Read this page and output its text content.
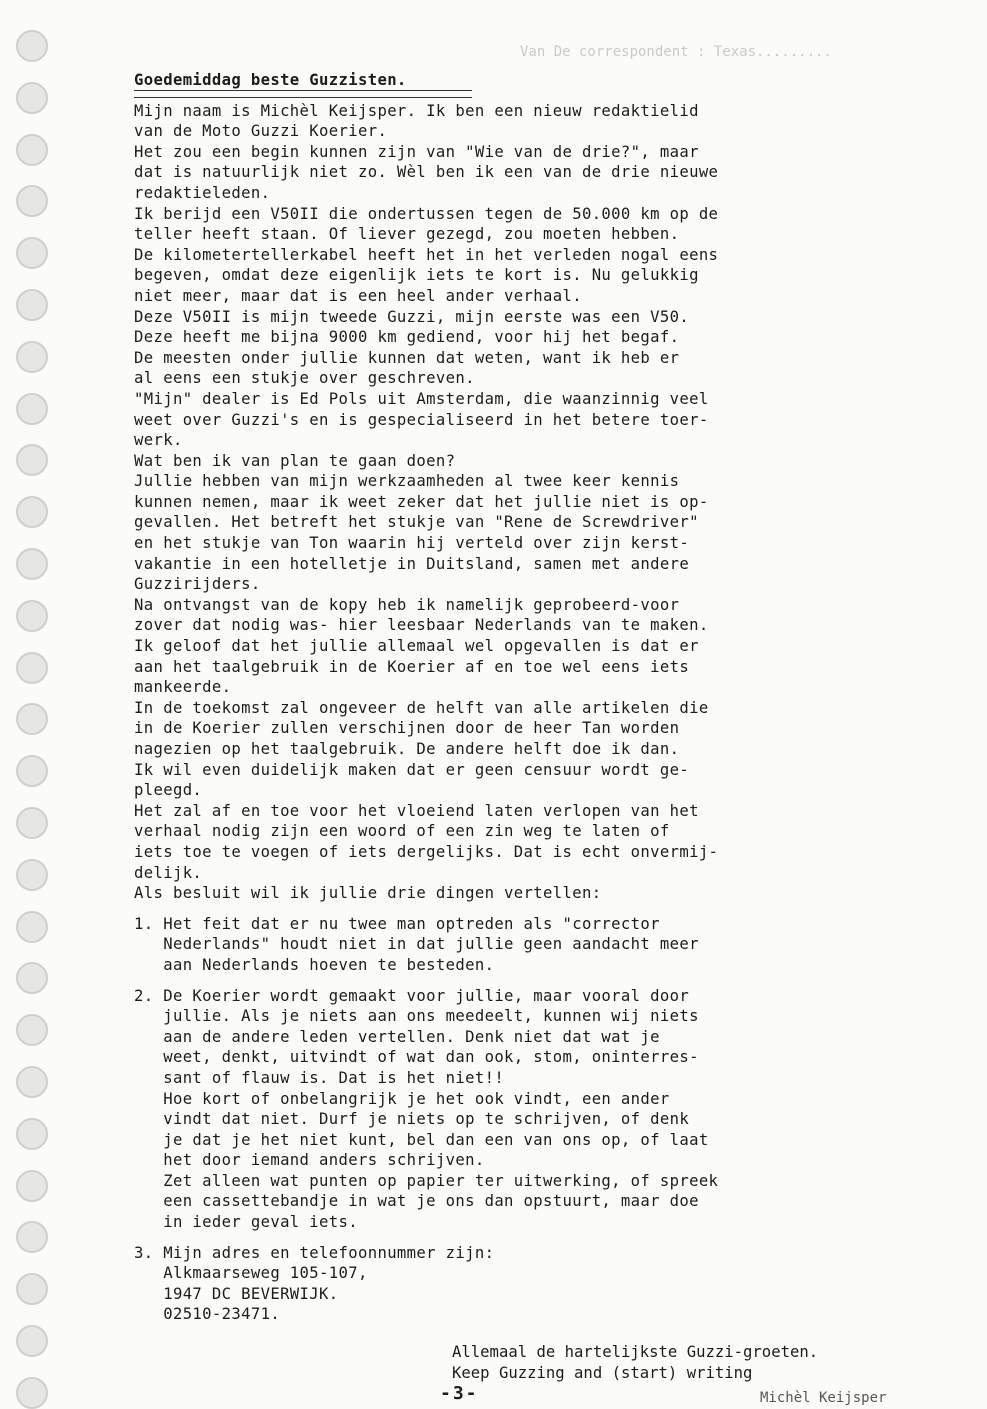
Van De correspondent : Texas.........
Goedemiddag beste Guzzisten.
Mijn naam is Michèl Keijsper. Ik ben een nieuw redaktielid
van de Moto Guzzi Koerier.
Het zou een begin kunnen zijn van "Wie van de drie?", maar
dat is natuurlijk niet zo. Wèl ben ik een van de drie nieuwe
redaktieleden.
Ik berijd een V50II die ondertussen tegen de 50.000 km op de
teller heeft staan. Of liever gezegd, zou moeten hebben.
De kilometertellerkabel heeft het in het verleden nogal eens
begeven, omdat deze eigenlijk iets te kort is. Nu gelukkig
niet meer, maar dat is een heel ander verhaal.
Deze V50II is mijn tweede Guzzi, mijn eerste was een V50.
Deze heeft me bijna 9000 km gediend, voor hij het begaf.
De meesten onder jullie kunnen dat weten, want ik heb er
al eens een stukje over geschreven.
"Mijn" dealer is Ed Pols uit Amsterdam, die waanzinnig veel
weet over Guzzi's en is gespecialiseerd in het betere toer-
werk.
Wat ben ik van plan te gaan doen?
Jullie hebben van mijn werkzaamheden al twee keer kennis
kunnen nemen, maar ik weet zeker dat het jullie niet is op-
gevallen. Het betreft het stukje van "Rene de Screwdriver"
en het stukje van Ton waarin hij verteld over zijn kerst-
vakantie in een hotelletje in Duitsland, samen met andere
Guzzirijders.
Na ontvangst van de kopy heb ik namelijk geprobeerd-voor
zover dat nodig was- hier leesbaar Nederlands van te maken.
Ik geloof dat het jullie allemaal wel opgevallen is dat er
aan het taalgebruik in de Koerier af en toe wel eens iets
mankeerde.
In de toekomst zal ongeveer de helft van alle artikelen die
in de Koerier zullen verschijnen door de heer Tan worden
nagezien op het taalgebruik. De andere helft doe ik dan.
Ik wil even duidelijk maken dat er geen censuur wordt ge-
pleegd.
Het zal af en toe voor het vloeiend laten verlopen van het
verhaal nodig zijn een woord of een zin weg te laten of
iets toe te voegen of iets dergelijks. Dat is echt onvermij-
delijk.
Als besluit wil ik jullie drie dingen vertellen:
1. Het feit dat er nu twee man optreden als "corrector
Nederlands" houdt niet in dat jullie geen aandacht meer
aan Nederlands hoeven te besteden.
2. De Koerier wordt gemaakt voor jullie, maar vooral door
jullie. Als je niets aan ons meedeelt, kunnen wij niets
aan de andere leden vertellen. Denk niet dat wat je
weet, denkt, uitvindt of wat dan ook, stom, oninterres-
sant of flauw is. Dat is het niet!!
Hoe kort of onbelangrijk je het ook vindt, een ander
vindt dat niet. Durf je niets op te schrijven, of denk
je dat je het niet kunt, bel dan een van ons op, of laat
het door iemand anders schrijven.
Zet alleen wat punten op papier ter uitwerking, of spreek
een cassettebandje in wat je ons dan opstuurt, maar doe
in ieder geval iets.
3. Mijn adres en telefoonnummer zijn:
Alkmaarseweg 105-107,
1947 DC BEVERWIJK.
02510-23471.
Allemaal de hartelijkste Guzzi-groeten.
Keep Guzzing and (start) writing
-3-	Michèl Keijsper
